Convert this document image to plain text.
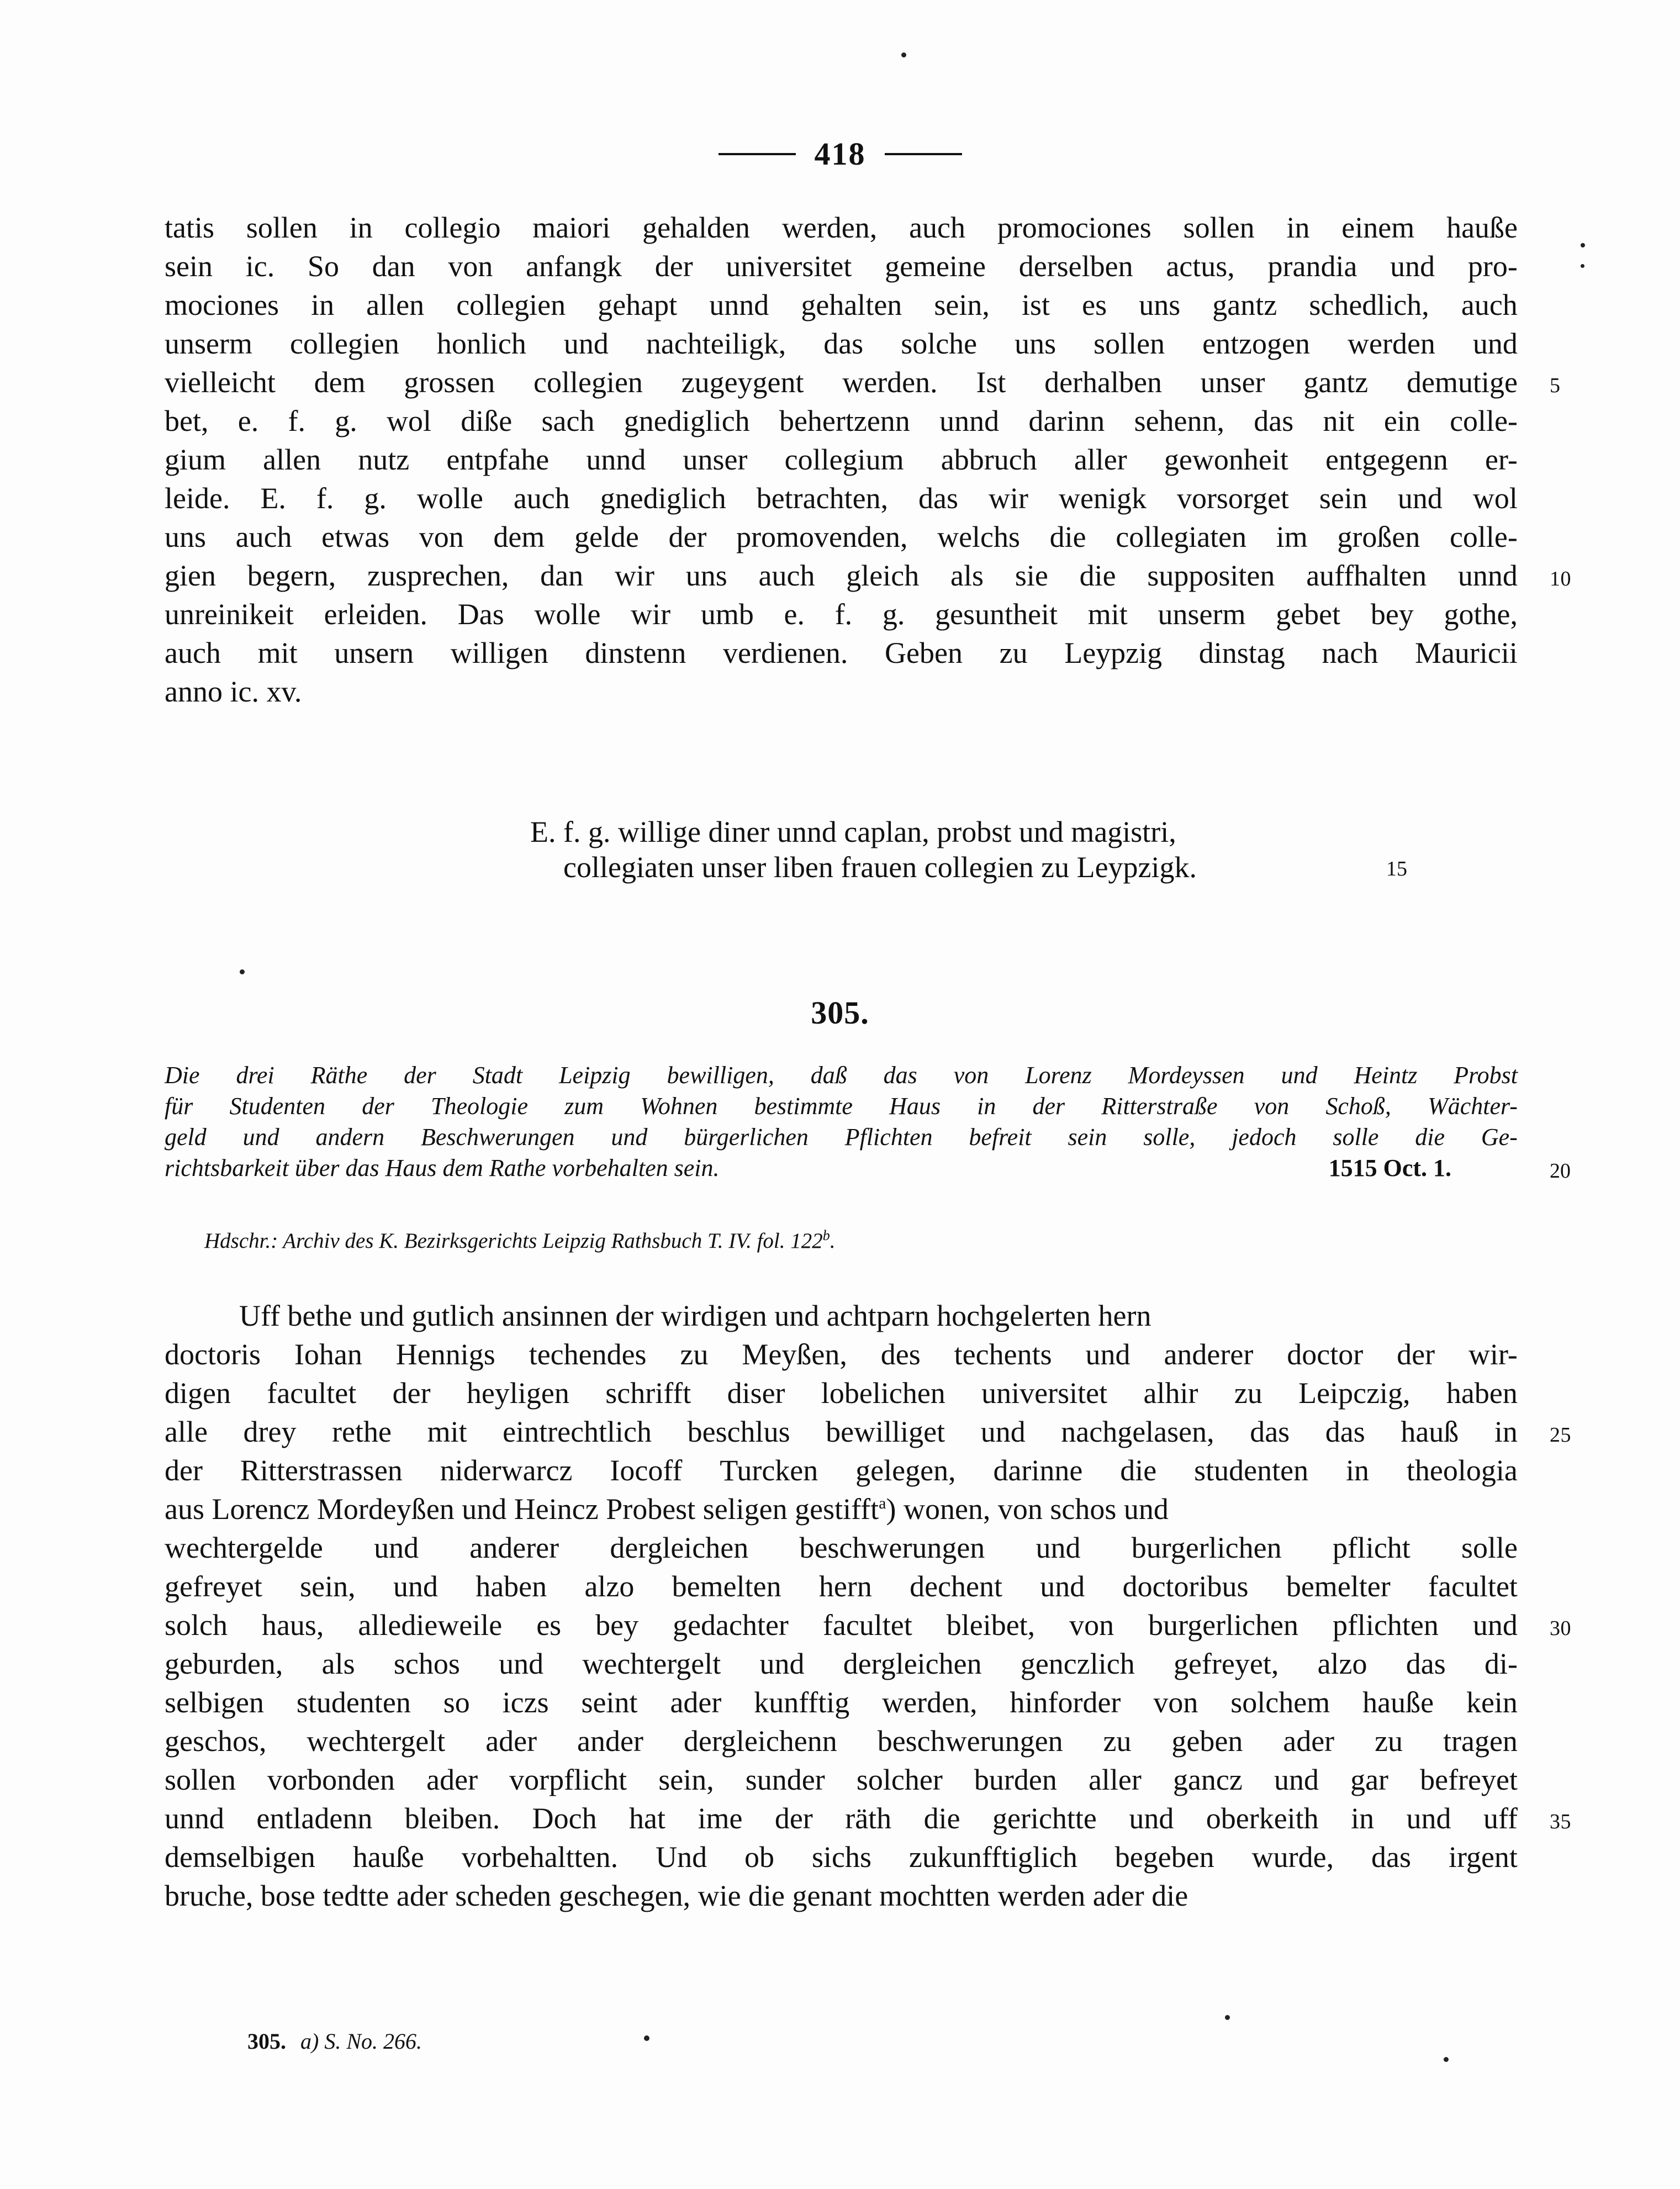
418
tatis sollen in collegio maiori gehalden werden, auch promociones sollen in einem hauße
sein ic. So dan von anfangk der universitet gemeine derselben actus, prandia und pro-
mociones in allen collegien gehapt unnd gehalten sein, ist es uns gantz schedlich, auch
unserm collegien honlich und nachteiligk, das solche uns sollen entzogen werden und
vielleicht dem grossen collegien zugeygent werden. Ist derhalben unser gantz demutige 5
bet, e. f. g. wol diße sach gnediglich behertzenn unnd darinn sehenn, das nit ein colle-
gium allen nutz entpfahe unnd unser collegium abbruch aller gewonheit entgegenn er-
leide. E. f. g. wolle auch gnediglich betrachten, das wir wenigk vorsorget sein und wol
uns auch etwas von dem gelde der promovenden, welchs die collegiaten im großen colle-
gien begern, zusprechen, dan wir uns auch gleich als sie die suppositen auffhalten unnd 10
unreinikeit erleiden. Das wolle wir umb e. f. g. gesuntheit mit unserm gebet bey gothe,
auch mit unsern willigen dinstenn verdienen. Geben zu Leypzig dinstag nach Mauricii
anno ic. xv.
E. f. g. willige diner unnd caplan, probst und magistri,
collegiaten unser liben frauen collegien zu Leypzigk.	15
305.
Die drei Räthe der Stadt Leipzig bewilligen, daß das von Lorenz Mordeyssen und Heintz Probst
für Studenten der Theologie zum Wohnen bestimmte Haus in der Ritterstraße von Schoß, Wächter-
geld und andern Beschwerungen und bürgerlichen Pflichten befreit sein solle, jedoch solle die Ge-
richtsbarkeit über das Haus dem Rathe vorbehalten sein.	1515 Oct. 1.	20
Hdschr.: Archiv des K. Bezirksgerichts Leipzig Rathsbuch T. IV. fol. 122$^b$.
   Uff bethe und gutlich ansinnen der wirdigen und achtparn hochgelerten hern
doctoris Iohan Hennigs techendes zu Meyßen, des techents und anderer doctor der wir-
digen facultet der heyligen schrifft diser lobelichen universitet alhir zu Leipczig, haben
alle drey rethe mit eintrechtlich beschlus bewilliget und nachgelasen, das das hauß in 25
der Ritterstrassen niderwarcz Iocoff Turcken gelegen, darinne die studenten in theologia
aus Lorencz Mordeyßen und Heincz Probest seligen gestifft$^a$) wonen, von schos und
wechtergelde und anderer dergleichen beschwerungen und burgerlichen pflicht solle
gefreyet sein, und haben alzo bemelten hern dechent und doctoribus bemelter facultet
solch haus, alledieweile es bey gedachter facultet bleibet, von burgerlichen pflichten und 30
geburden, als schos und wechtergelt und dergleichen genczlich gefreyet, alzo das di-
selbigen studenten so iczs seint ader kunfftig werden, hinforder von solchem hauße kein
geschos, wechtergelt ader ander dergleichenn beschwerungen zu geben ader zu tragen
sollen vorbonden ader vorpflicht sein, sunder solcher burden aller gancz und gar befreyet
unnd entladenn bleiben. Doch hat ime der räth die gerichtte und oberkeith in und uff 35
demselbigen hauße vorbehaltten. Und ob sichs zukunfftiglich begeben wurde, das irgent
bruche, bose tedtte ader scheden geschegen, wie die genant mochtten werden ader die
305. a) S. No. 266.
